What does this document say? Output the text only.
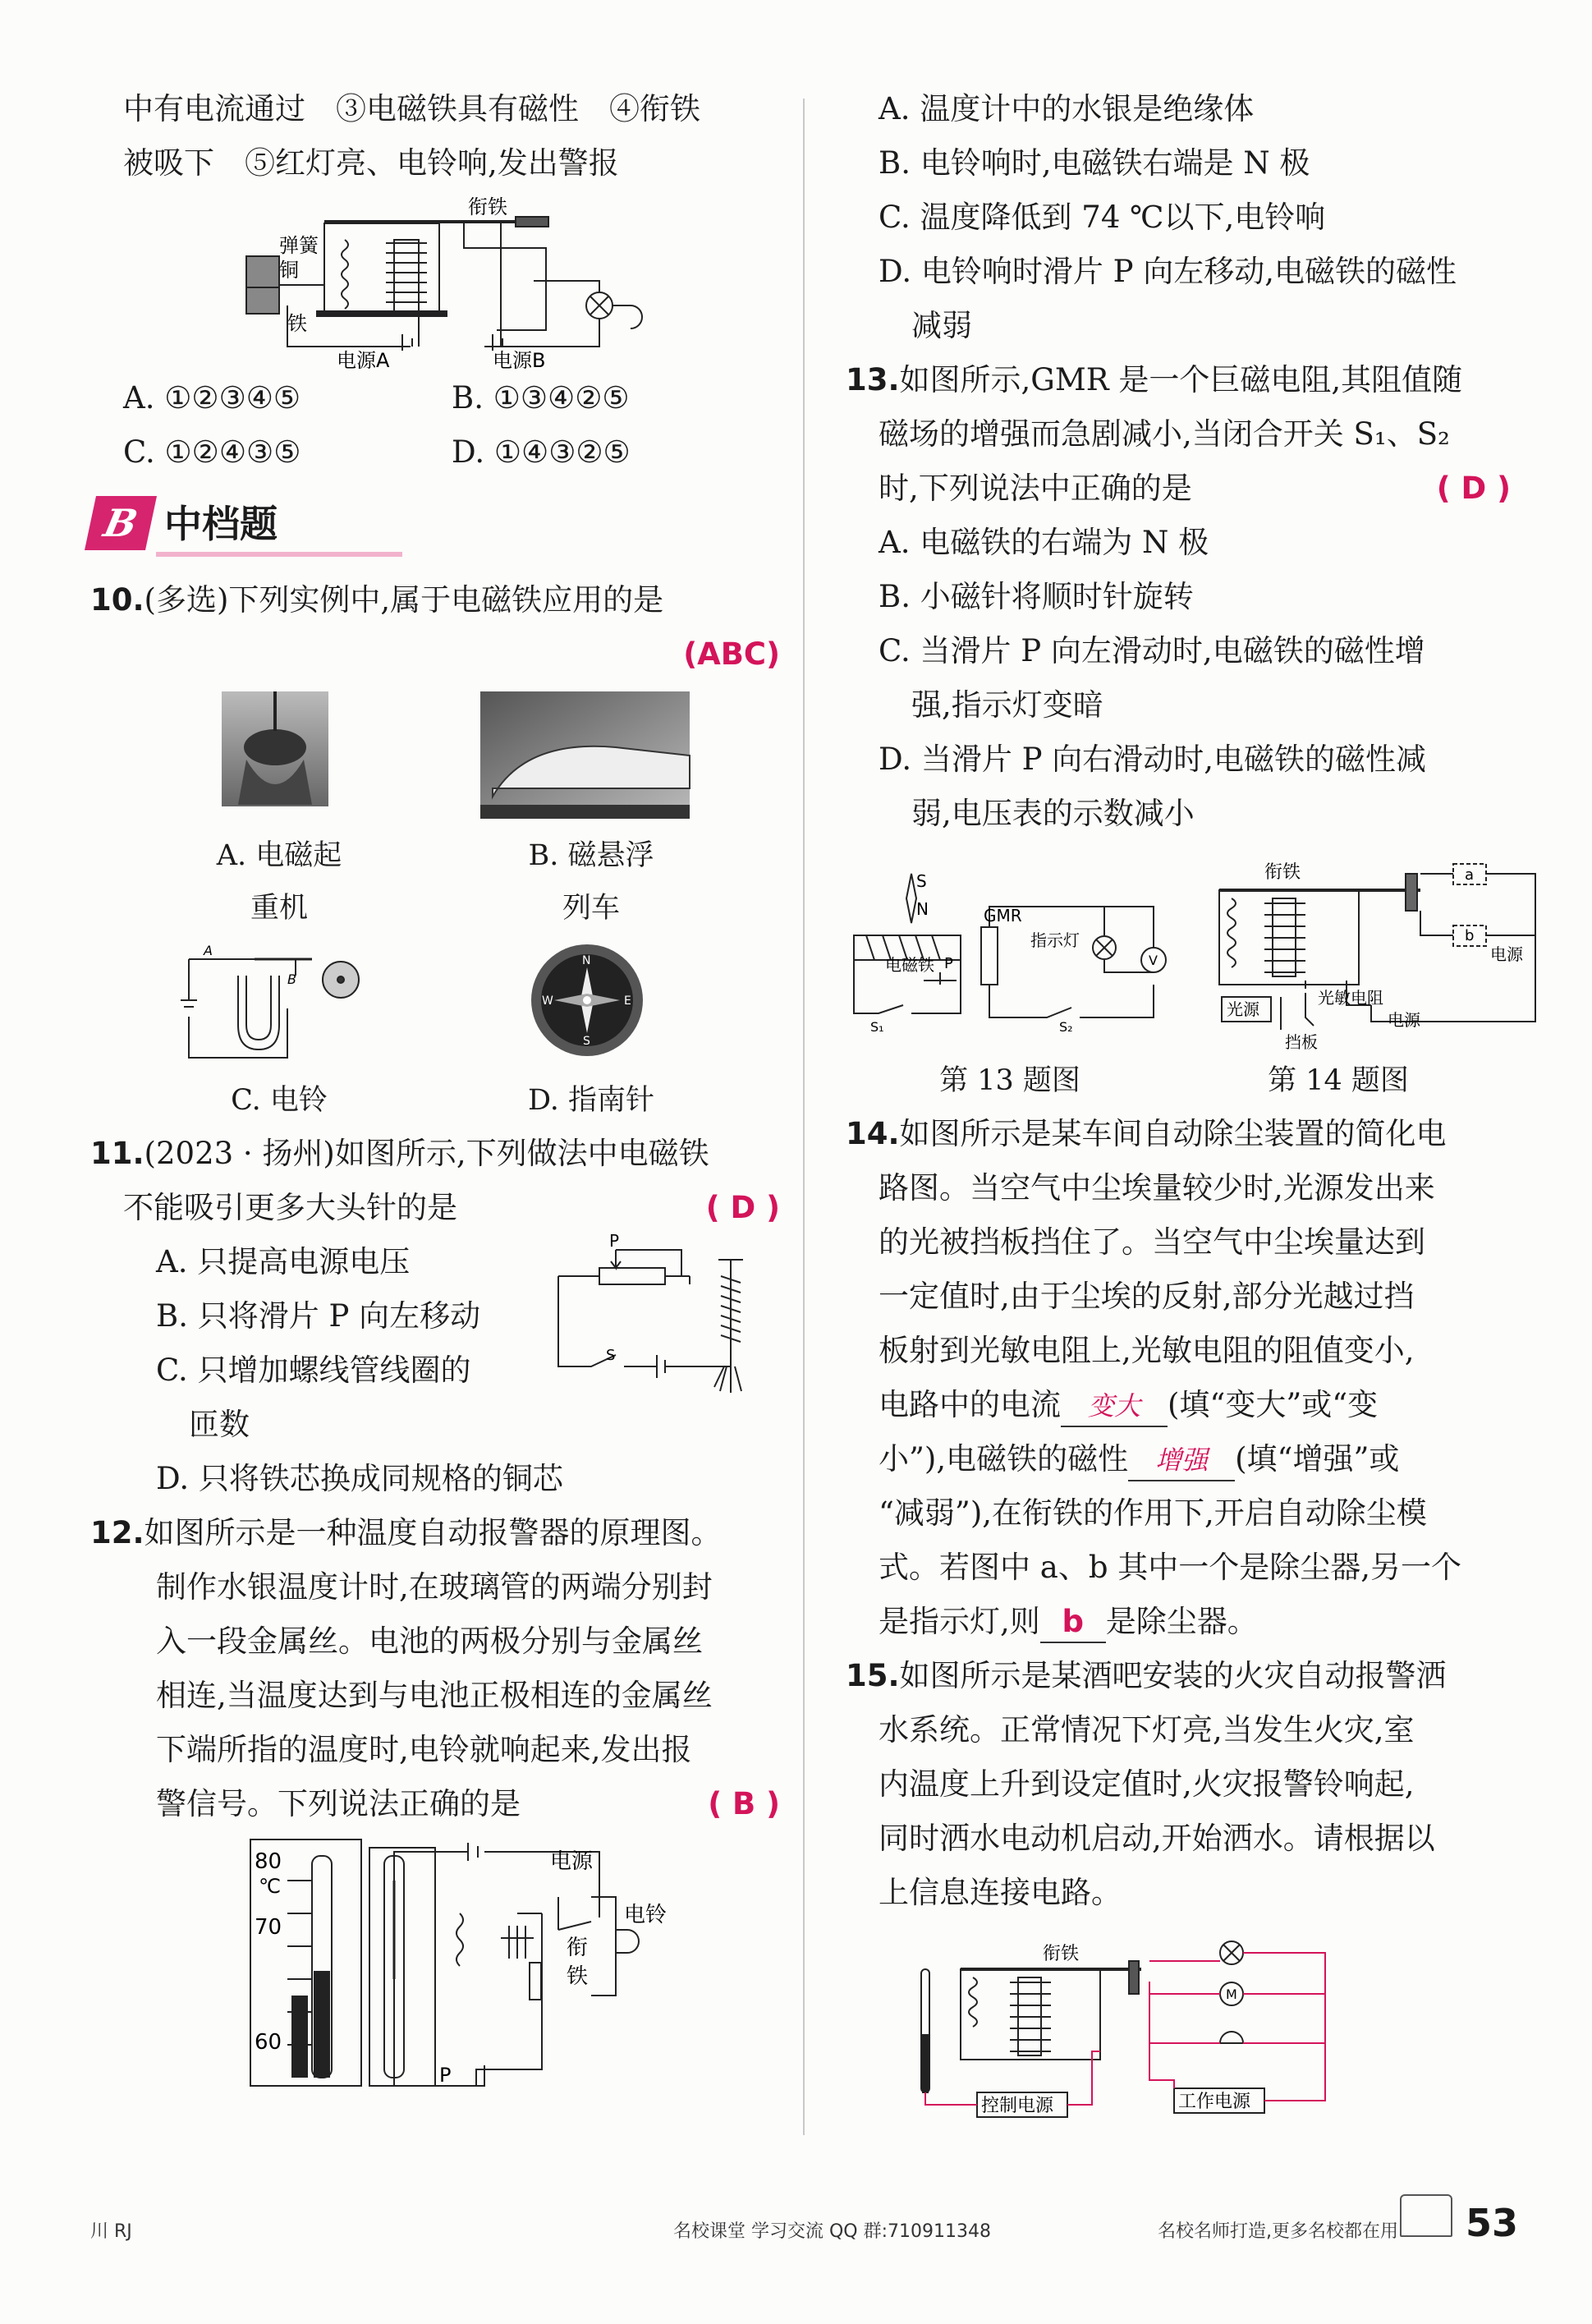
中有电流通过　③电磁铁具有磁性　④衔铁

被吸下　⑤红灯亮、电铃响,发出警报

衔铁
弹簧
铜
铁
电源A	电源B

A. ①②③④⑤	B. ①③④②⑤

C. ①②④③⑤	D. ①④③②⑤

B 中档题

10.(多选)下列实例中,属于电磁铁应用的是

(ABC)

A. 电磁起
重机
B. 磁悬浮
列车
A
B
N
S
E
W
C. 电铃	D. 指南针

11.(2023 · 扬州)如图所示,下列做法中电磁铁

不能吸引更多大头针的是	( D )

P
S

A. 只提高电源电压

B. 只将滑片 P 向左移动

C. 只增加螺线管线圈的

匝数

D. 只将铁芯换成同规格的铜芯

12.如图所示是一种温度自动报警器的原理图。

制作水银温度计时,在玻璃管的两端分别封

入一段金属丝。电池的两极分别与金属丝

相连,当温度达到与电池正极相连的金属丝

下端所指的温度时,电铃就响起来,发出报

警信号。下列说法正确的是	( B )

80
℃
70
60
P
电源
电铃
衔
铁

A. 温度计中的水银是绝缘体

B. 电铃响时,电磁铁右端是 N 极

C. 温度降低到 74 ℃以下,电铃响

D. 电铃响时滑片 P 向左移动,电磁铁的磁性

减弱

13.如图所示,GMR 是一个巨磁电阻,其阻值随

磁场的增强而急剧减小,当闭合开关 S₁、S₂

时,下列说法中正确的是	( D )

A. 电磁铁的右端为 N 极

B. 小磁针将顺时针旋转

C. 当滑片 P 向左滑动时,电磁铁的磁性增

强,指示灯变暗

D. 当滑片 P 向右滑动时,电磁铁的磁性减

弱,电压表的示数减小

S
N
电磁铁 P
GMR
指示灯
V
S₁	S₂
衔铁	a
b
电源
光源
光敏电阻
挡板
电源
第 13 题图	第 14 题图

14.如图所示是某车间自动除尘装置的简化电

路图。当空气中尘埃量较少时,光源发出来

的光被挡板挡住了。当空气中尘埃量达到

一定值时,由于尘埃的反射,部分光越过挡

板射到光敏电阻上,光敏电阻的阻值变小,

电路中的电流 变大 (填“变大”或“变

小”),电磁铁的磁性 增强 (填“增强”或

“减弱”),在衔铁的作用下,开启自动除尘模

式。若图中 a、b 其中一个是除尘器,另一个

是指示灯,则 b 是除尘器。

15.如图所示是某酒吧安装的火灾自动报警洒

水系统。正常情况下灯亮,当发生火灾,室

内温度上升到设定值时,火灾报警铃响起,

同时洒水电动机启动,开始洒水。请根据以

上信息连接电路。

衔铁
M
控制电源	工作电源
川 RJ	名校课堂 学习交流 QQ 群:710911348	名校名师打造,更多名校都在用 53
